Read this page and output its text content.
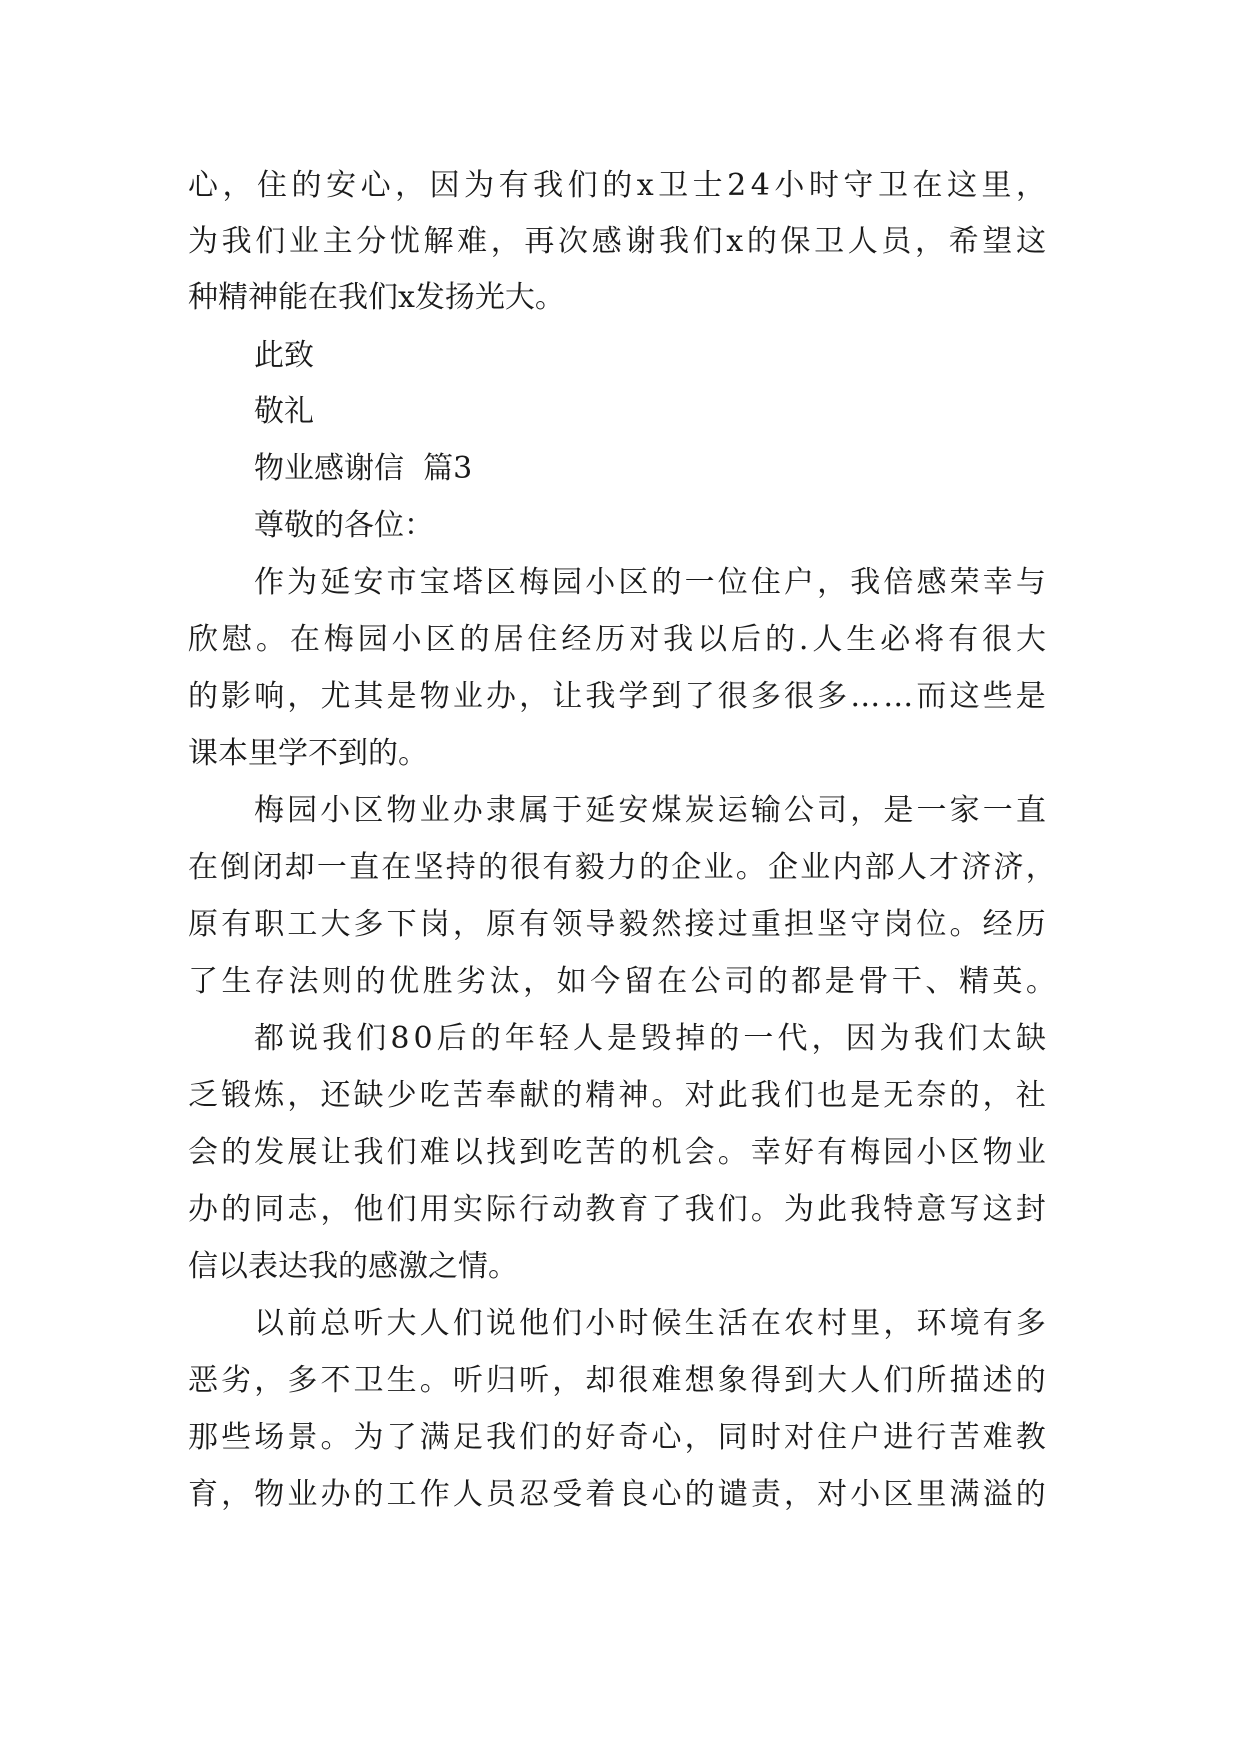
心 ， 住 的 安 心 ， 因 为 有 我 们 的 x 卫 士 2 4 小 时 守 卫 在 这 里 ，
为 我 们 业 主 分 忧 解 难 ， 再 次 感 谢 我 们 x 的 保 卫 人 员 ， 希 望 这
种精神能在我们x发扬光大。
此致
敬礼
物业感谢信  篇3
尊敬的各位：
作 为 延 安 市 宝 塔 区 梅 园 小 区 的 一 位 住 户 ， 我 倍 感 荣 幸 与
欣 慰 。 在 梅 园 小 区 的 居 住 经 历 对 我 以 后 的 . 人 生 必 将 有 很 大
的 影 响 ， 尤 其 是 物 业 办 ， 让 我 学 到 了 很 多 很 多 … … 而 这 些 是
课本里学不到的。
梅 园 小 区 物 业 办 隶 属 于 延 安 煤 炭 运 输 公 司 ， 是 一 家 一 直
在 倒 闭 却 一 直 在 坚 持 的 很 有 毅 力 的 企 业 。 企 业 内 部 人 才 济 济 ，
原 有 职 工 大 多 下 岗 ， 原 有 领 导 毅 然 接 过 重 担 坚 守 岗 位 。 经 历
了 生 存 法 则 的 优 胜 劣 汰 ， 如 今 留 在 公 司 的 都 是 骨 干 、 精 英 。
都 说 我 们 8 0 后 的 年 轻 人 是 毁 掉 的 一 代 ， 因 为 我 们 太 缺
乏 锻 炼 ， 还 缺 少 吃 苦 奉 献 的 精 神 。 对 此 我 们 也 是 无 奈 的 ， 社
会 的 发 展 让 我 们 难 以 找 到 吃 苦 的 机 会 。 幸 好 有 梅 园 小 区 物 业
办 的 同 志 ， 他 们 用 实 际 行 动 教 育 了 我 们 。 为 此 我 特 意 写 这 封
信以表达我的感激之情。
以 前 总 听 大 人 们 说 他 们 小 时 候 生 活 在 农 村 里 ， 环 境 有 多
恶 劣 ， 多 不 卫 生 。 听 归 听 ， 却 很 难 想 象 得 到 大 人 们 所 描 述 的
那 些 场 景 。 为 了 满 足 我 们 的 好 奇 心 ， 同 时 对 住 户 进 行 苦 难 教
育 ， 物 业 办 的 工 作 人 员 忍 受 着 良 心 的 谴 责 ， 对 小 区 里 满 溢 的
